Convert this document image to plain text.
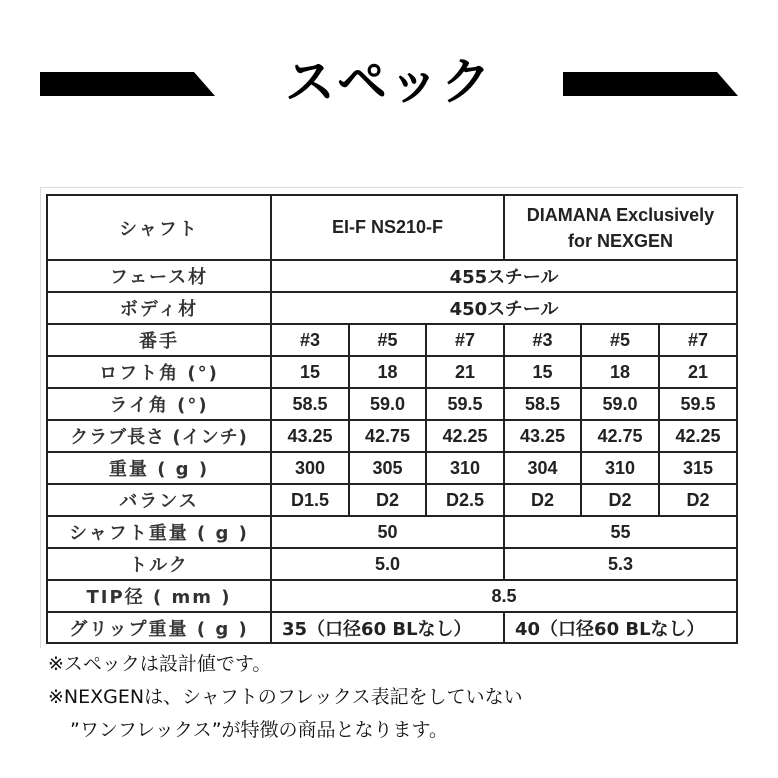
スペック
シャフト	EI-F NS210-F			DIAMANA Exclusively
for NEXGEN		
フェース材	455スチール					
ボディ材	450スチール					
番手	#3	#5	#7	#3	#5	#7
ロフト角 (°)	15	18	21	15	18	21
ライ角 (°)	58.5	59.0	59.5	58.5	59.0	59.5
クラブ長さ (インチ)	43.25	42.75	42.25	43.25	42.75	42.25
重量 ( g )	300	305	310	304	310	315
バランス	D1.5	D2	D2.5	D2	D2	D2
シャフト重量 ( g )	50			55		
トルク	5.0			5.3		
TIP径 ( mm )	8.5					
グリップ重量 ( g )	35（口径60 BLなし）			40（口径60 BLなし）		
※スペックは設計値です。
※NEXGENは、シャフトのフレックス表記をしていない
”ワンフレックス”が特徴の商品となります。
